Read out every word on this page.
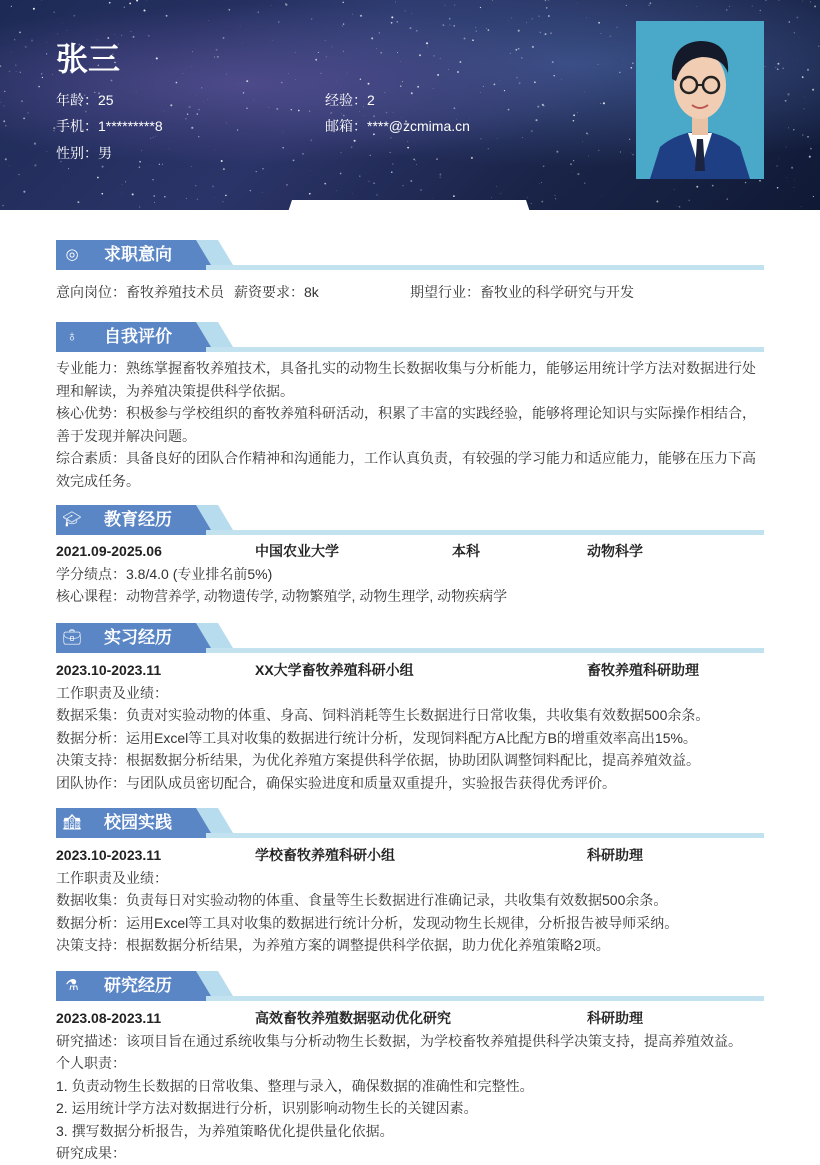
张三
年龄：25	经验：2
手机：1*********8	邮箱：****@zcmima.cn
性别：男
◎ 求职意向
意向岗位：畜牧养殖技术员 薪资要求：8k	期望行业：畜牧业的科学研究与开发
♁ 自我评价
专业能力：熟练掌握畜牧养殖技术，具备扎实的动物生长数据收集与分析能力，能够运用统计学方法对数据进行处理和解读，为养殖决策提供科学依据。
核心优势：积极参与学校组织的畜牧养殖科研活动，积累了丰富的实践经验，能够将理论知识与实际操作相结合，善于发现并解决问题。
综合素质：具备良好的团队合作精神和沟通能力，工作认真负责，有较强的学习能力和适应能力，能够在压力下高效完成任务。
🎓︎ 教育经历
2021.09-2025.06	中国农业大学	本科	动物科学
学分绩点：3.8/4.0 (专业排名前5%)
核心课程：动物营养学, 动物遗传学, 动物繁殖学, 动物生理学, 动物疾病学
💼︎ 实习经历
2023.10-2023.11	XX大学畜牧养殖科研小组	畜牧养殖科研助理
工作职责及业绩：
数据采集：负责对实验动物的体重、身高、饲料消耗等生长数据进行日常收集，共收集有效数据500余条。
数据分析：运用Excel等工具对收集的数据进行统计分析，发现饲料配方A比配方B的增重效率高出15%。
决策支持：根据数据分析结果，为优化养殖方案提供科学依据，协助团队调整饲料配比，提高养殖效益。
团队协作：与团队成员密切配合，确保实验进度和质量双重提升，实验报告获得优秀评价。
🏫︎ 校园实践
2023.10-2023.11	学校畜牧养殖科研小组	科研助理
工作职责及业绩：
数据收集：负责每日对实验动物的体重、食量等生长数据进行准确记录，共收集有效数据500余条。
数据分析：运用Excel等工具对收集的数据进行统计分析，发现动物生长规律，分析报告被导师采纳。
决策支持：根据数据分析结果，为养殖方案的调整提供科学依据，助力优化养殖策略2项。
⚗︎ 研究经历
2023.08-2023.11	高效畜牧养殖数据驱动优化研究	科研助理
研究描述：该项目旨在通过系统收集与分析动物生长数据，为学校畜牧养殖提供科学决策支持，提高养殖效益。
个人职责：
1. 负责动物生长数据的日常收集、整理与录入，确保数据的准确性和完整性。
2. 运用统计学方法对数据进行分析，识别影响动物生长的关键因素。
3. 撰写数据分析报告，为养殖策略优化提供量化依据。
研究成果：
